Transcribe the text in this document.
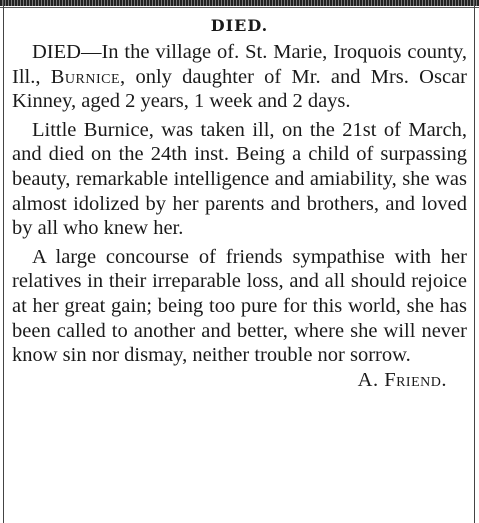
DIED.

DIED—In the village of. St. Marie, Iroquois county, Ill., Burnice, only daughter of Mr. and Mrs. Oscar Kinney, aged 2 years, 1 week and 2 days.

Little Burnice, was taken ill, on the 21st of March, and died on the 24th inst. Being a child of surpassing beauty, remarkable intelligence and amiability, she was almost idolized by her parents and brothers, and loved by all who knew her.

A large concourse of friends sympathise with her relatives in their irreparable loss, and all should rejoice at her great gain; being too pure for this world, she has been called to another and better, where she will never know sin nor dismay, neither trouble nor sorrow.
A. Friend.
